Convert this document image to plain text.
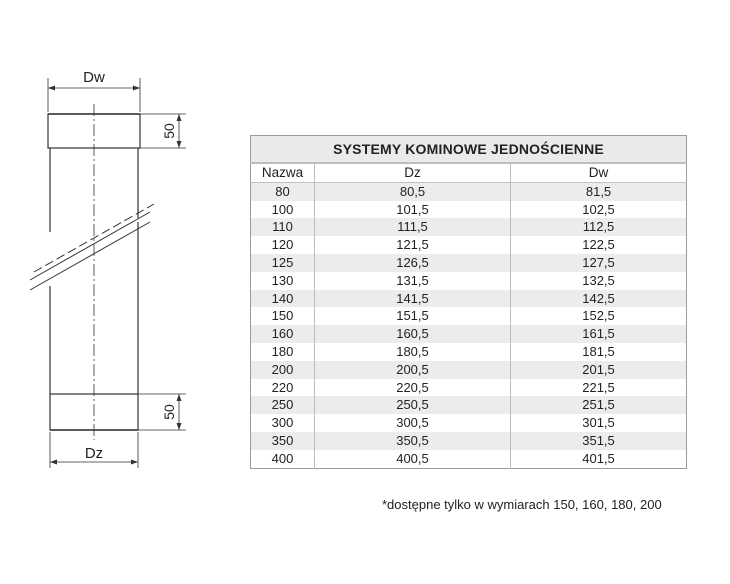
Dw
Dz
50
50
SYSTEMY KOMINOWE JEDNOŚCIENNE		
Nazwa	Dz	Dw
80	80,5	81,5
100	101,5	102,5
110	111,5	112,5
120	121,5	122,5
125	126,5	127,5
130	131,5	132,5
140	141,5	142,5
150	151,5	152,5
160	160,5	161,5
180	180,5	181,5
200	200,5	201,5
220	220,5	221,5
250	250,5	251,5
300	300,5	301,5
350	350,5	351,5
400	400,5	401,5
*dostępne tylko w wymiarach 150, 160, 180, 200
